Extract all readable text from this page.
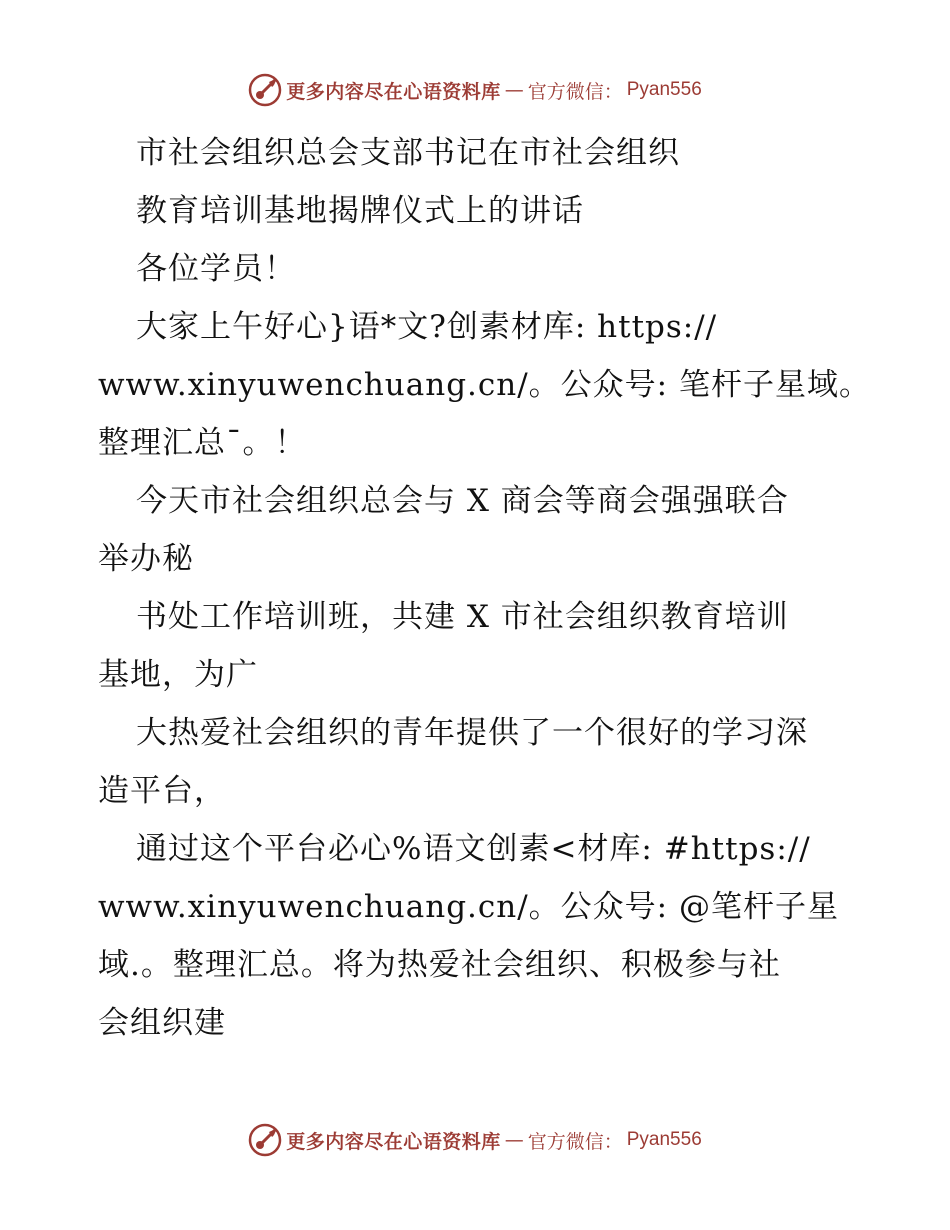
更多内容尽在心语资料库 — 官方微信： Pyan556
市社会组织总会支部书记在市社会组织
教育培训基地揭牌仪式上的讲话
各位学员！
大家上午好心}语*文?创素材库: https://
www.xinyuwenchuang.cn/。公众号: 笔杆子星域。
整理汇总¯。！
今天市社会组织总会与 X 商会等商会强强联合
举办秘
书处工作培训班，共建 X 市社会组织教育培训
基地，为广
大热爱社会组织的青年提供了一个很好的学习深
造平台，
通过这个平台必心%语文创素<材库: #https://
www.xinyuwenchuang.cn/。公众号: @笔杆子星
域.。整理汇总。将为热爱社会组织、积极参与社
会组织建
更多内容尽在心语资料库 — 官方微信： Pyan556
